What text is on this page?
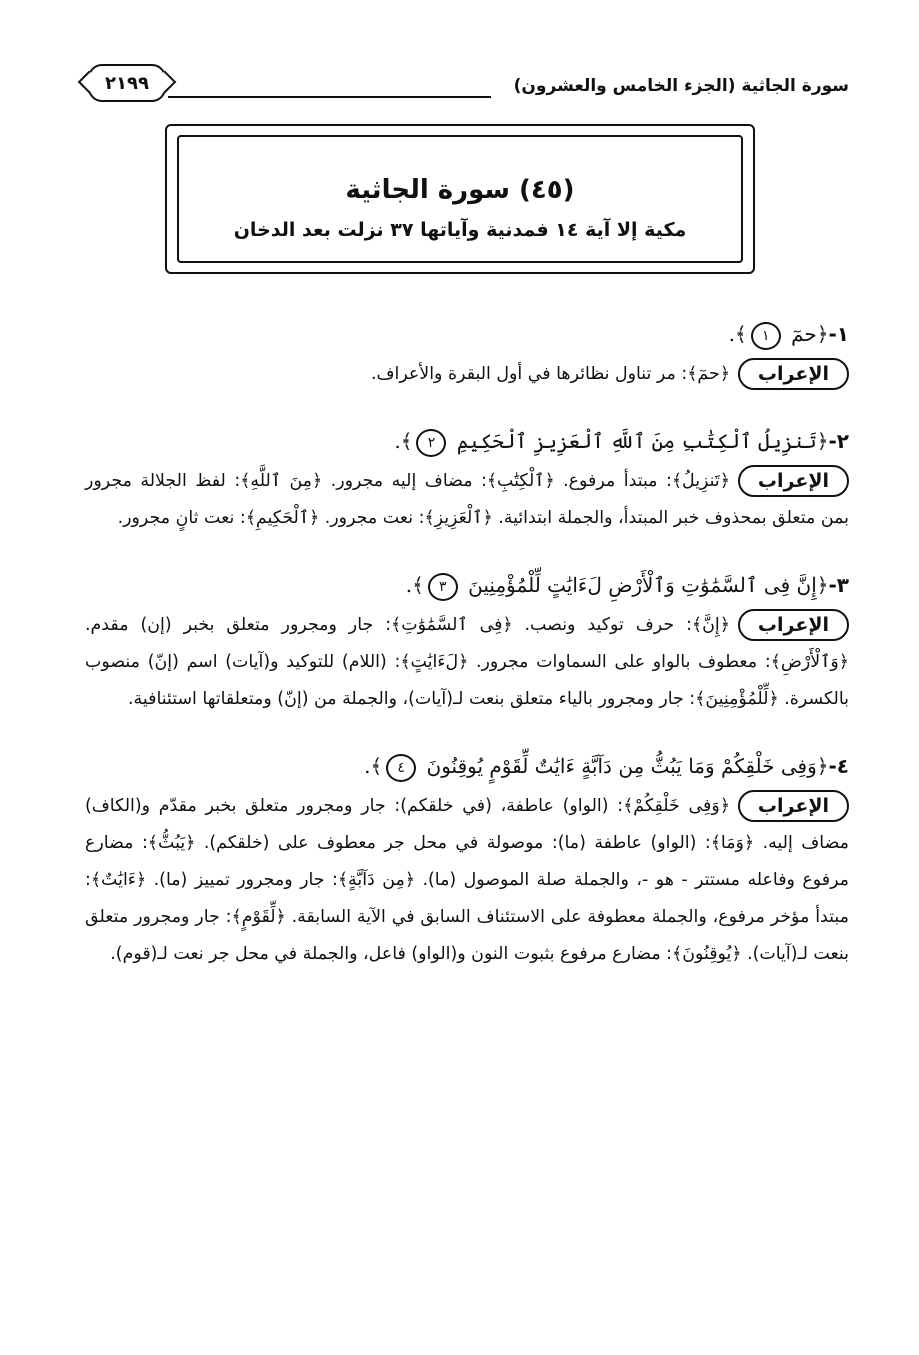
سورة الجاثية (الجزء الخامس والعشرون)
٢١٩٩
(٤٥) سورة الجاثية
مكية إلا آية ١٤ فمدنية وآياتها ٣٧ نزلت بعد الدخان
١-﴿حمٓ ١﴾.
الإعراب﴿حمٓ﴾: مر تناول نظائرها في أول البقرة والأعراف.
٢-﴿تَنزِيلُ ٱلْكِتَٰبِ مِنَ ٱللَّهِ ٱلْعَزِيزِ ٱلْحَكِيمِ ٢﴾.
الإعراب﴿تَنزِيلُ﴾: مبتدأ مرفوع. ﴿ٱلْكِتَٰبِ﴾: مضاف إليه مجرور. ﴿مِنَ ٱللَّهِ﴾: لفظ الجلالة مجرور بمن متعلق بمحذوف خبر المبتدأ، والجملة ابتدائية. ﴿ٱلْعَزِيزِ﴾: نعت مجرور. ﴿ٱلْحَكِيمِ﴾: نعت ثانٍ مجرور.
٣-﴿إِنَّ فِى ٱلسَّمَٰوَٰتِ وَٱلْأَرْضِ لَءَايَٰتٍ لِّلْمُؤْمِنِينَ ٣﴾.
الإعراب﴿إِنَّ﴾: حرف توكيد ونصب. ﴿فِى ٱلسَّمَٰوَٰتِ﴾: جار ومجرور متعلق بخبر (إن) مقدم. ﴿وَٱلْأَرْضِ﴾: معطوف بالواو على السماوات مجرور. ﴿لَءَايَٰتٍ﴾: (اللام) للتوكيد و(آيات) اسم (إنّ) منصوب بالكسرة. ﴿لِّلْمُؤْمِنِينَ﴾: جار ومجرور بالياء متعلق بنعت لـ(آيات)، والجملة من (إنّ) ومتعلقاتها استئنافية.
٤-﴿وَفِى خَلْقِكُمْ وَمَا يَبُثُّ مِن دَآبَّةٍ ءَايَٰتٌ لِّقَوْمٍ يُوقِنُونَ ٤﴾.
الإعراب﴿وَفِى خَلْقِكُمْ﴾: (الواو) عاطفة، (في خلقكم): جار ومجرور متعلق بخبر مقدّم و(الكاف) مضاف إليه. ﴿وَمَا﴾: (الواو) عاطفة (ما): موصولة في محل جر معطوف على (خلقكم). ﴿يَبُثُّ﴾: مضارع مرفوع وفاعله مستتر - هو -، والجملة صلة الموصول (ما). ﴿مِن دَآبَّةٍ﴾: جار ومجرور تمييز (ما). ﴿ءَايَٰتٌ﴾: مبتدأ مؤخر مرفوع، والجملة معطوفة على الاستئناف السابق في الآية السابقة. ﴿لِّقَوْمٍ﴾: جار ومجرور متعلق بنعت لـ(آيات). ﴿يُوقِنُونَ﴾: مضارع مرفوع بثبوت النون و(الواو) فاعل، والجملة في محل جر نعت لـ(قوم).
